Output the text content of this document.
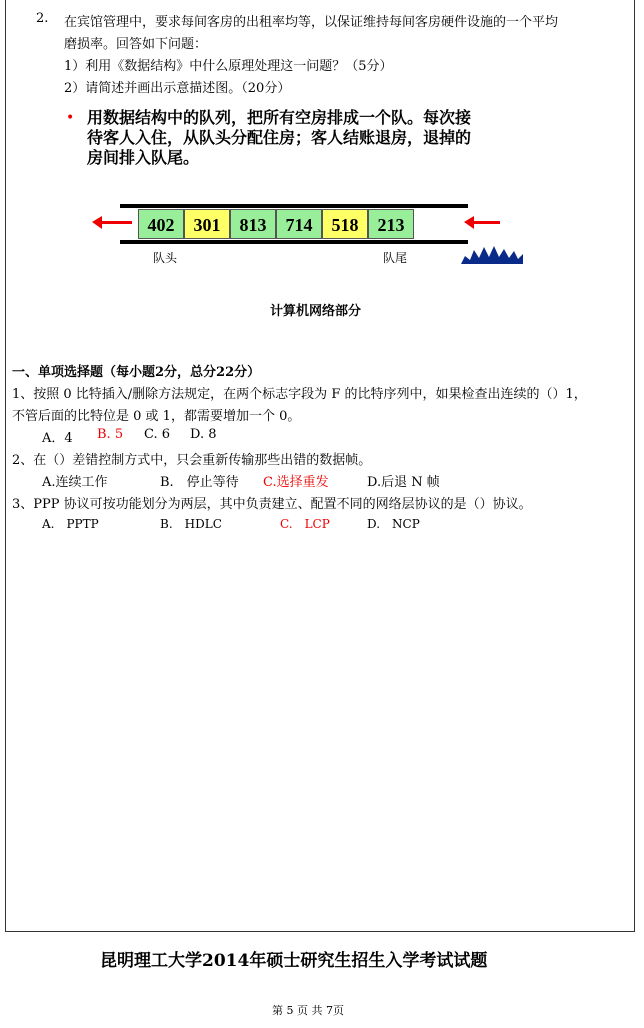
2. 在宾馆管理中，要求每间客房的出租率均等，以保证维持每间客房硬件设施的一个平均
磨损率。回答如下问题：
1）利用《数据结构》中什么原理处理这一问题？（5分）
2）请简述并画出示意描述图。（20分）
• 用数据结构中的队列，把所有空房排成一个队。每次接
待客人入住，从队头分配住房；客人结账退房，退掉的
房间排入队尾。
402	301	813	714	518	213
队头	队尾
计算机网络部分
一、单项选择题（每小题2分，总分22分）
1、按照 0 比特插入/删除方法规定，在两个标志字段为 F 的比特序列中，如果检查出连续的（）1，
不管后面的比特位是 0 或 1，都需要增加一个 0。
A．4 B. 5 C. 6 D. 8
2、在（）差错控制方式中，只会重新传输那些出错的数据帧。
A.连续工作	B.　停止等待 C.选择重发	D.后退 N 帧
3、PPP 协议可按功能划分为两层，其中负责建立、配置不同的网络层协议的是（）协议。
A.　PPTP	B.　HDLC	C.　LCP	D.　NCP
昆明理工大学2014年硕士研究生招生入学考试试题
第 5 页 共 7页
